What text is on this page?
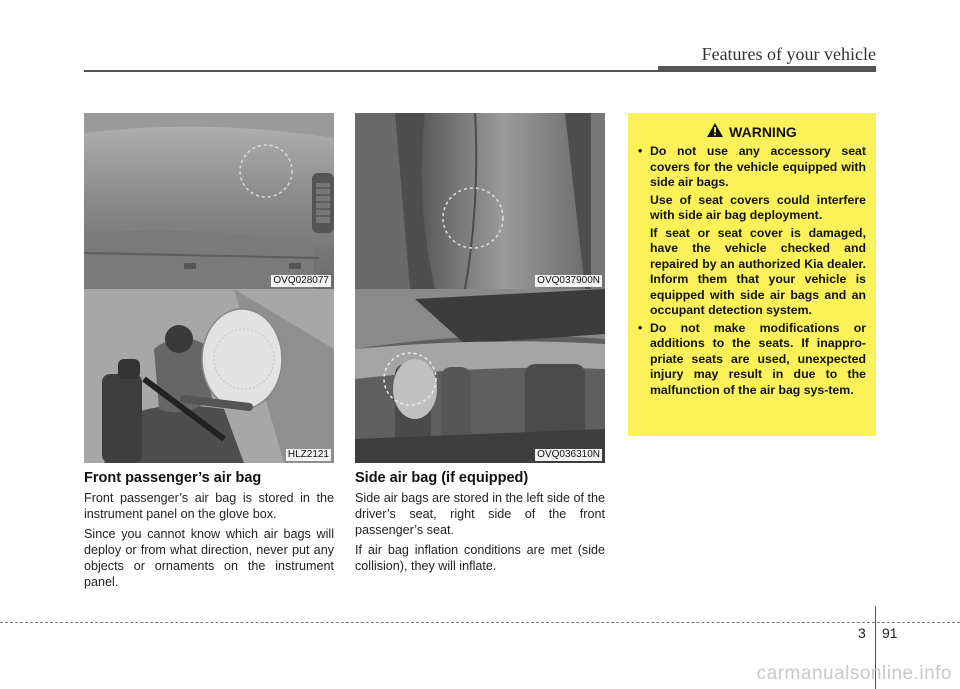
Features of your vehicle
OVQ028077
HLZ2121
OVQ037900N
OVQ036310N
Front passenger’s air bag

Front passenger’s air bag is stored in the instrument panel on the glove box.

Since you cannot know which air bags will deploy or from what direction, never put any objects or ornaments on the instrument panel.

Side air bag (if equipped)

Side air bags are stored in the left side of the driver’s seat, right side of the front passenger’s seat.

If air bag inflation conditions are met (side collision), they will inflate.

WARNING

• Do not use any accessory seat covers for the vehicle equipped with side air bags.

Use of seat covers could interfere with side air bag deployment.

If seat or seat cover is damaged, have the vehicle checked and repaired by an authorized Kia dealer. Inform them that your vehicle is equipped with side air bags and an occupant detection system.

• Do not make modifications or additions to the seats. If inappro-priate seats are used, unexpected injury may result in due to the malfunction of the air bag sys-tem.

3 91
carmanualsonline.info
